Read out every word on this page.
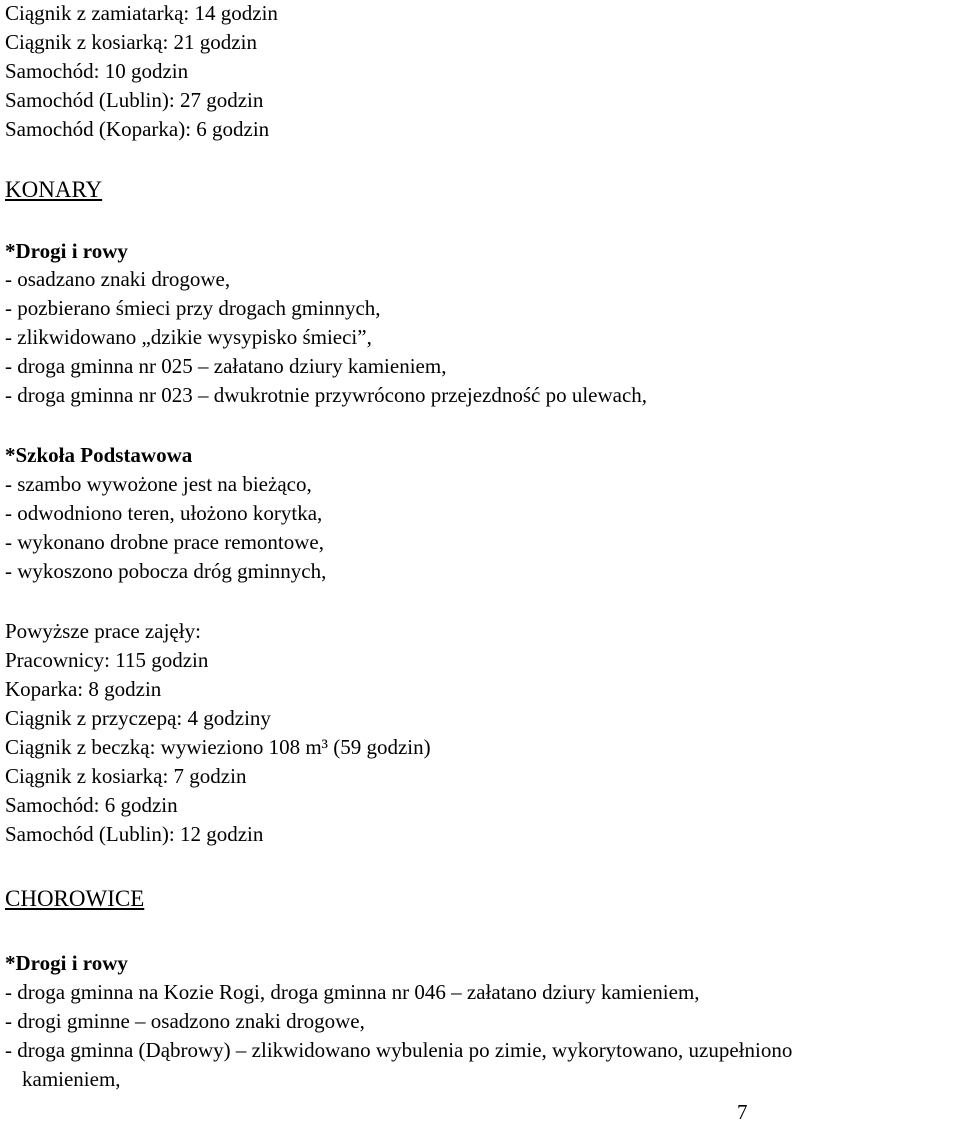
Ciągnik z zamiatarką: 14 godzin
Ciągnik z kosiarką: 21 godzin
Samochód: 10 godzin
Samochód (Lublin): 27 godzin
Samochód (Koparka): 6 godzin
KONARY
*Drogi i rowy
- osadzano znaki drogowe,
- pozbierano śmieci przy drogach gminnych,
- zlikwidowano „dzikie wysypisko śmieci”,
- droga gminna nr 025 – załatano dziury kamieniem,
- droga gminna nr 023 – dwukrotnie przywrócono przejezdność po ulewach,
*Szkoła Podstawowa
- szambo wywożone jest na bieżąco,
- odwodniono teren, ułożono korytka,
- wykonano drobne prace remontowe,
- wykoszono pobocza dróg gminnych,
Powyższe prace zajęły:
Pracownicy: 115 godzin
Koparka: 8 godzin
Ciągnik z przyczepą: 4 godziny
Ciągnik z beczką: wywieziono 108 m³ (59 godzin)
Ciągnik z kosiarką: 7 godzin
Samochód: 6 godzin
Samochód (Lublin): 12 godzin
CHOROWICE
*Drogi i rowy
- droga gminna na Kozie Rogi, droga gminna nr 046 – załatano dziury kamieniem,
- drogi gminne – osadzono znaki drogowe,
- droga gminna (Dąbrowy) – zlikwidowano wybulenia po zimie, wykorytowano, uzupełniono
kamieniem,
7
